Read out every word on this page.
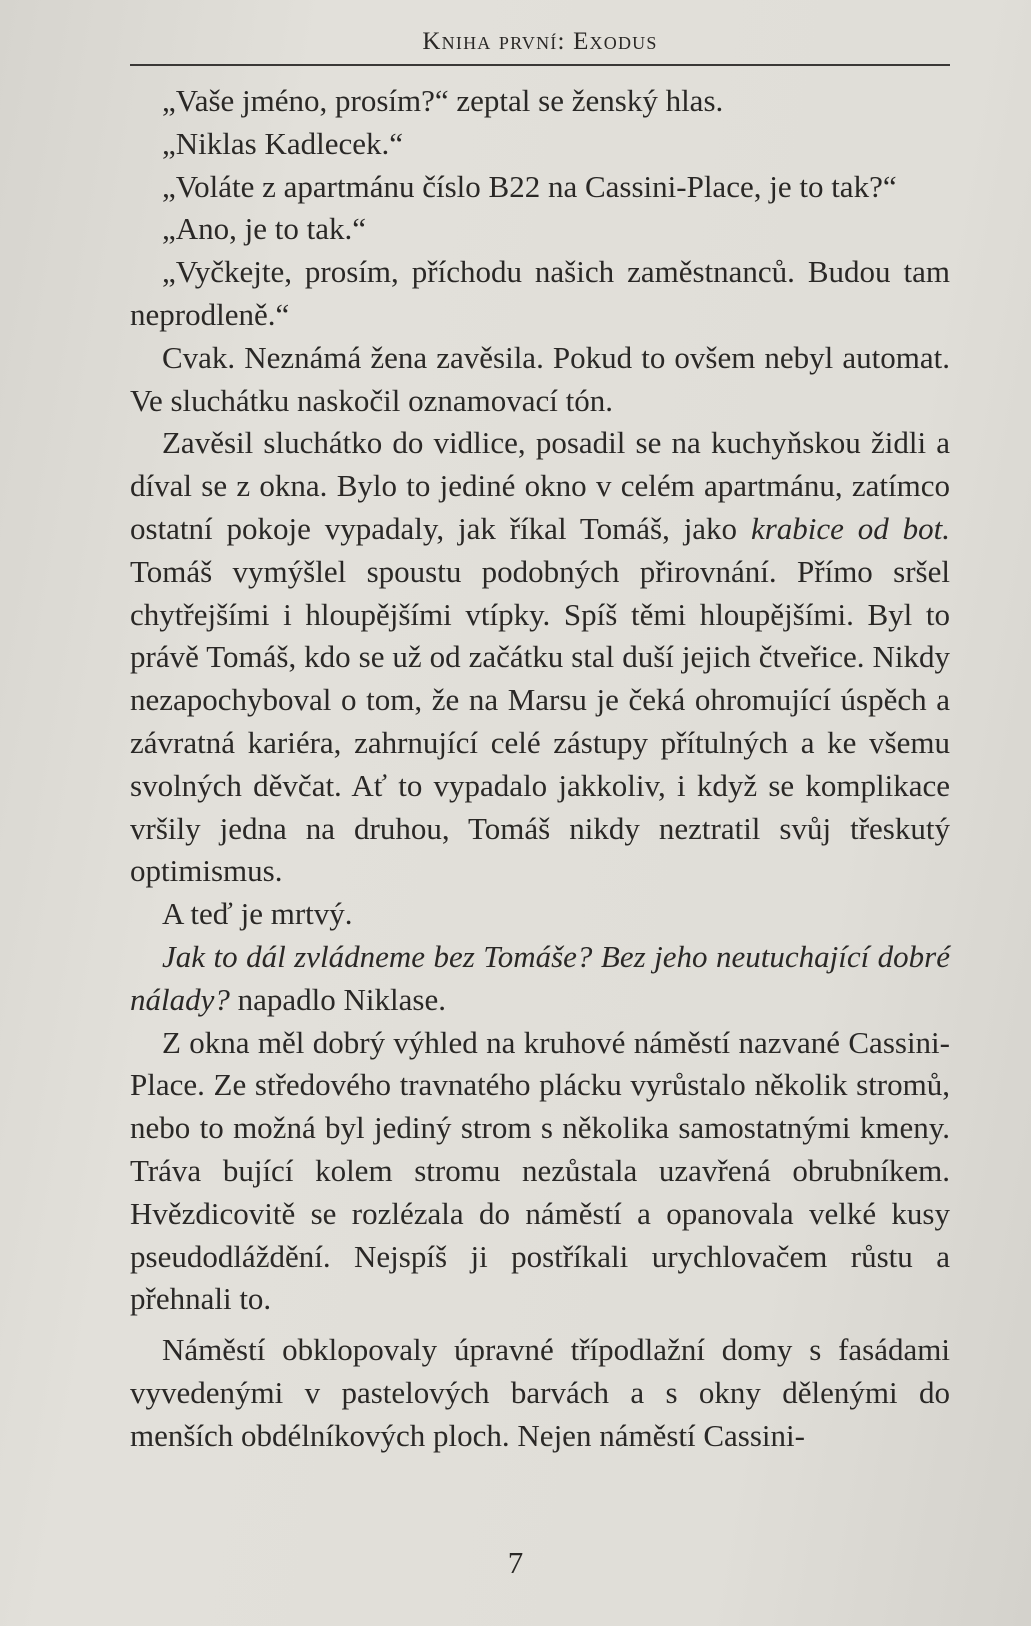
Kniha první: Exodus

„Vaše jméno, prosím?“ zeptal se ženský hlas.

„Niklas Kadlecek.“

„Voláte z apartmánu číslo B22 na Cassini-Place, je to tak?“

„Ano, je to tak.“

„Vyčkejte, prosím, příchodu našich zaměstnanců. Budou tam neprodleně.“

Cvak. Neznámá žena zavěsila. Pokud to ovšem nebyl automat. Ve sluchátku naskočil oznamovací tón.

Zavěsil sluchátko do vidlice, posadil se na kuchyňskou židli a díval se z okna. Bylo to jediné okno v celém apartmánu, zatímco ostatní pokoje vypadaly, jak říkal Tomáš, jako krabice od bot. Tomáš vymýšlel spoustu podobných přirovnání. Přímo sršel chytřejšími i hloupějšími vtípky. Spíš těmi hloupějšími. Byl to právě Tomáš, kdo se už od začátku stal duší jejich čtveřice. Nikdy nezapochyboval o tom, že na Marsu je čeká ohromující úspěch a závratná kariéra, zahrnující celé zástupy přítulných a ke všemu svolných děvčat. Ať to vypadalo jakkoliv, i když se komplikace vršily jedna na druhou, Tomáš nikdy neztratil svůj třeskutý optimismus.

A teď je mrtvý.

Jak to dál zvládneme bez Tomáše? Bez jeho neutuchající dobré nálady? napadlo Niklase.

Z okna měl dobrý výhled na kruhové náměstí nazvané Cassini-Place. Ze středového travnatého plácku vyrůstalo několik stromů, nebo to možná byl jediný strom s několika samostatnými kmeny. Tráva bující kolem stromu nezůstala uzavřená obrubníkem. Hvězdicovitě se rozlézala do náměstí a opanovala velké kusy pseudodláždění. Nejspíš ji postříkali urychlovačem růstu a přehnali to.

Náměstí obklopovaly úpravné třípodlažní domy s fasádami vyvedenými v pastelových barvách a s okny dělenými do menších obdélníkových ploch. Nejen náměstí Cassini-

7
